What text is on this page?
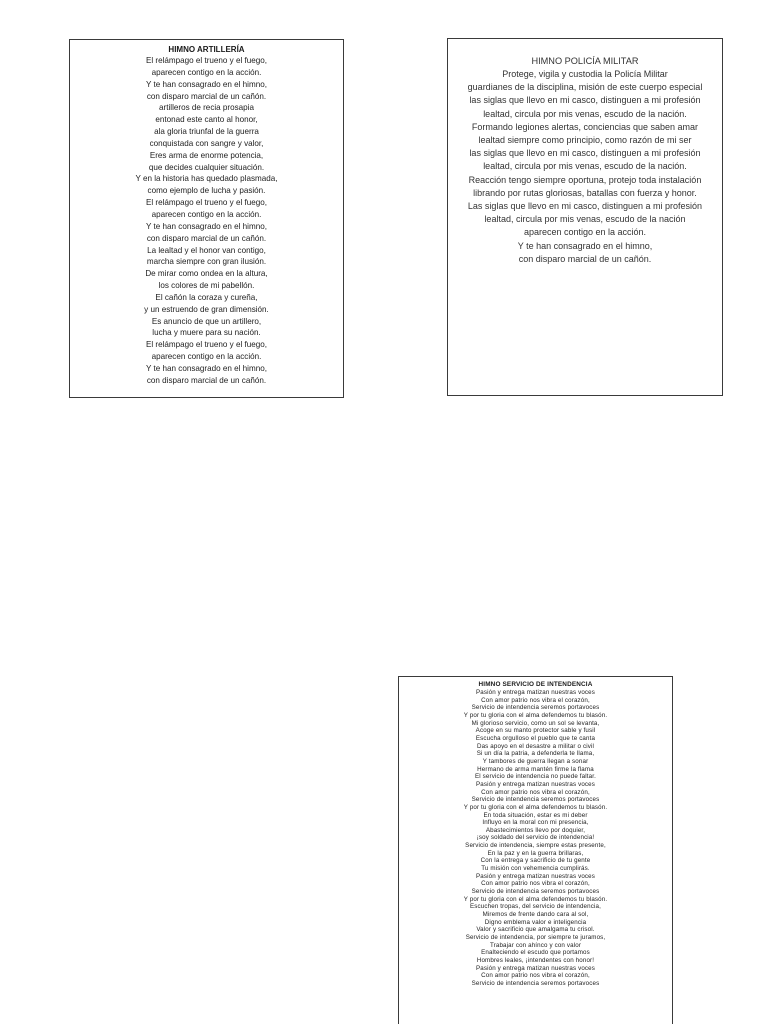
HIMNO ARTILLERÍA
El relámpago el trueno y el fuego,
aparecen contigo en la acción.
Y te han consagrado en el himno,
con disparo marcial de un cañón.
artilleros de recia prosapia
entonad este canto al honor,
ala gloria triunfal de la guerra
conquistada con sangre y valor,
Eres arma de enorme potencia,
que decides cualquier situación.
Y en la historia has quedado plasmada,
como ejemplo de lucha y pasión.
El relámpago el trueno y el fuego,
aparecen contigo en la acción.
Y te han consagrado en el himno,
con disparo marcial de un cañón.
La lealtad y el honor van contigo,
marcha siempre con gran ilusión.
De mirar como ondea en la altura,
los colores de mi pabellón.
El cañón la coraza y cureña,
y un estruendo de gran dimensión.
Es anuncio de que un artillero,
lucha y muere para su nación.
El relámpago el trueno y el fuego,
aparecen contigo en la acción.
Y te han consagrado en el himno,
con disparo marcial de un cañón.
HIMNO POLICÍA MILITAR
Protege, vigila y custodia la Policía Militar
guardianes de la disciplina, misión de este cuerpo especial
las siglas que llevo en mi casco, distinguen a mi profesión
lealtad, circula por mis venas, escudo de la nación.
Formando legiones alertas, conciencias que saben amar
lealtad siempre como principio, como razón de mi ser
las siglas que llevo en mi casco, distinguen a mi profesión
lealtad, circula por mis venas, escudo de la nación.
Reacción tengo siempre oportuna, protejo toda instalación
librando por rutas gloriosas, batallas con fuerza y honor.
Las siglas que llevo en mi casco, distinguen a mi profesión
lealtad, circula por mis venas, escudo de la nación
aparecen contigo en la acción.
Y te han consagrado en el himno,
con disparo marcial de un cañón.
HIMNO SERVICIO DE INTENDENCIA
Pasión y entrega matizan nuestras voces
Con amor patrio nos vibra el corazón,
Servicio de intendencia seremos portavoces
Y por tu gloria con el alma defendemos tu blasón.
Mi glorioso servicio, como un sol se levanta,
Acoge en su manto protector sable y fusil
Escucha orgulloso el pueblo que te canta
Das apoyo en el desastre a militar o civil
Si un día la patria, a defenderla te llama,
Y tambores de guerra llegan a sonar
Hermano de arma mantén firme la flama
El servicio de intendencia no puede faltar.
Pasión y entrega matizan nuestras voces
Con amor patrio nos vibra el corazón,
Servicio de intendencia seremos portavoces
Y por tu gloria con el alma defendemos tu blasón.
En toda situación, estar es mi deber
Influyo en la moral con mi presencia,
Abastecimientos llevo por doquier,
¡soy soldado del servicio de intendencia!
Servicio de intendencia, siempre estas presente,
En la paz y en la guerra brillaras,
Con la entrega y sacrificio de tu gente
Tu misión con vehemencia cumplirás.
Pasión y entrega matizan nuestras voces
Con amor patrio nos vibra el corazón,
Servicio de intendencia seremos portavoces
Y por tu gloria con el alma defendemos tu blasón.
Escuchen tropas, del servicio de intendencia,
Miremos de frente dando cara al sol,
Digno emblema valor e inteligencia
Valor y sacrificio que amalgama tu crisol.
Servicio de intendencia, por siempre te juramos,
Trabajar con ahínco y con valor
Enalteciendo el escudo que portamos
Hombres leales, ¡intendentes con honor!
Pasión y entrega matizan nuestras voces
Con amor patrio nos vibra el corazón,
Servicio de intendencia seremos portavoces
